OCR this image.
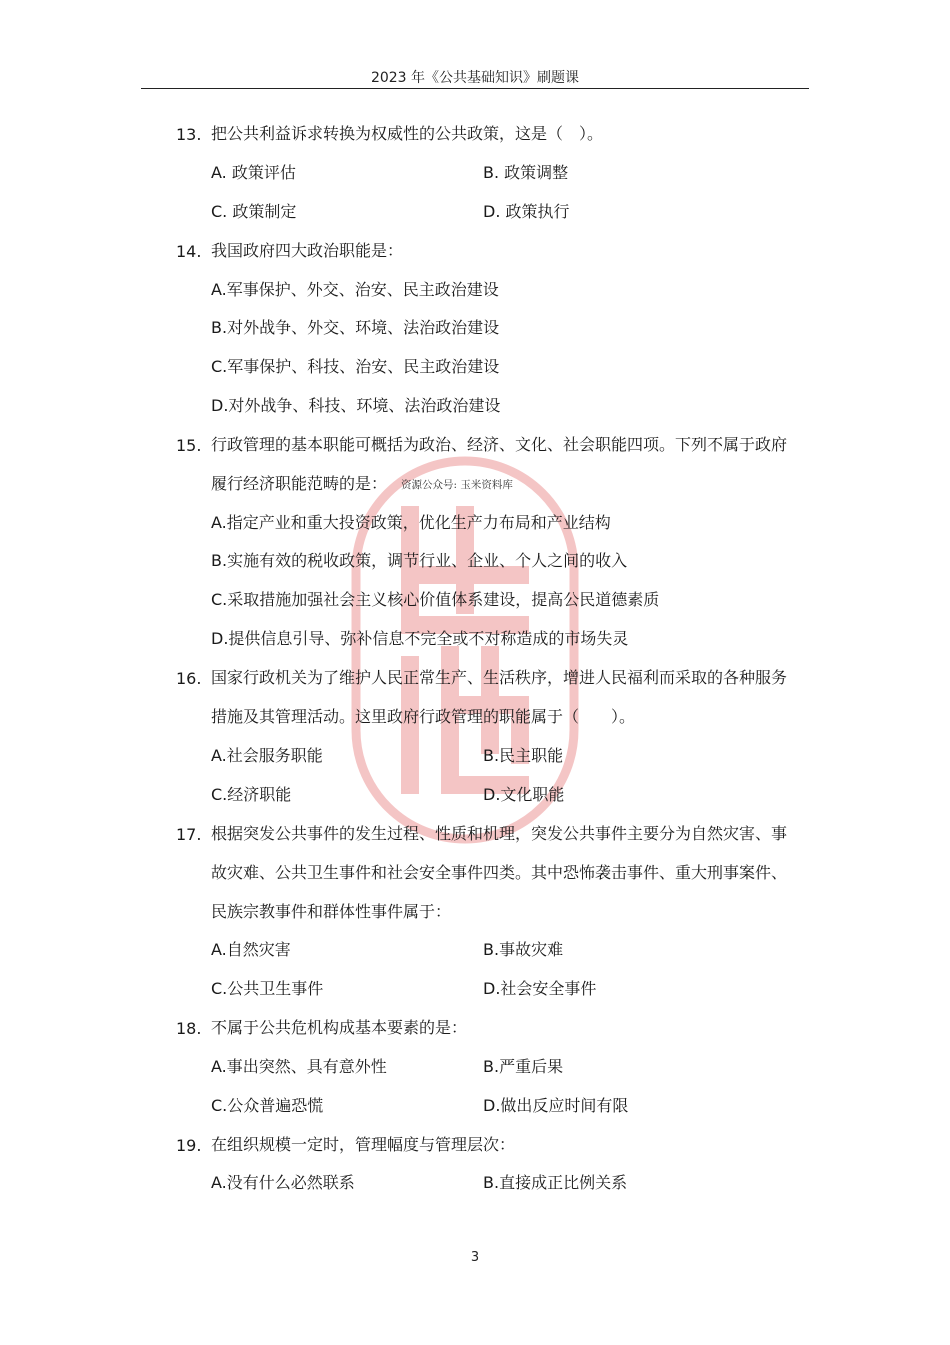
2023 年《公共基础知识》刷题课
13. 把公共利益诉求转换为权威性的公共政策，这是（　）。
A. 政策评估	B. 政策调整
C. 政策制定	D. 政策执行
14. 我国政府四大政治职能是：
A.军事保护、外交、治安、民主政治建设
B.对外战争、外交、环境、法治政治建设
C.军事保护、科技、治安、民主政治建设
D.对外战争、科技、环境、法治政治建设
15. 行政管理的基本职能可概括为政治、经济、文化、社会职能四项。下列不属于政府
履行经济职能范畴的是： 资源公众号: 玉米资料库
A.指定产业和重大投资政策，优化生产力布局和产业结构
B.实施有效的税收政策，调节行业、企业、个人之间的收入
C.采取措施加强社会主义核心价值体系建设，提高公民道德素质
D.提供信息引导、弥补信息不完全或不对称造成的市场失灵
16. 国家行政机关为了维护人民正常生产、生活秩序，增进人民福利而采取的各种服务
措施及其管理活动。这里政府行政管理的职能属于（　　）。
A.社会服务职能	B.民主职能
C.经济职能	D.文化职能
17. 根据突发公共事件的发生过程、性质和机理，突发公共事件主要分为自然灾害、事
故灾难、公共卫生事件和社会安全事件四类。其中恐怖袭击事件、重大刑事案件、
民族宗教事件和群体性事件属于：
A.自然灾害	B.事故灾难
C.公共卫生事件	D.社会安全事件
18. 不属于公共危机构成基本要素的是：
A.事出突然、具有意外性	B.严重后果
C.公众普遍恐慌	D.做出反应时间有限
19. 在组织规模一定时，管理幅度与管理层次：
A.没有什么必然联系	B.直接成正比例关系
3
